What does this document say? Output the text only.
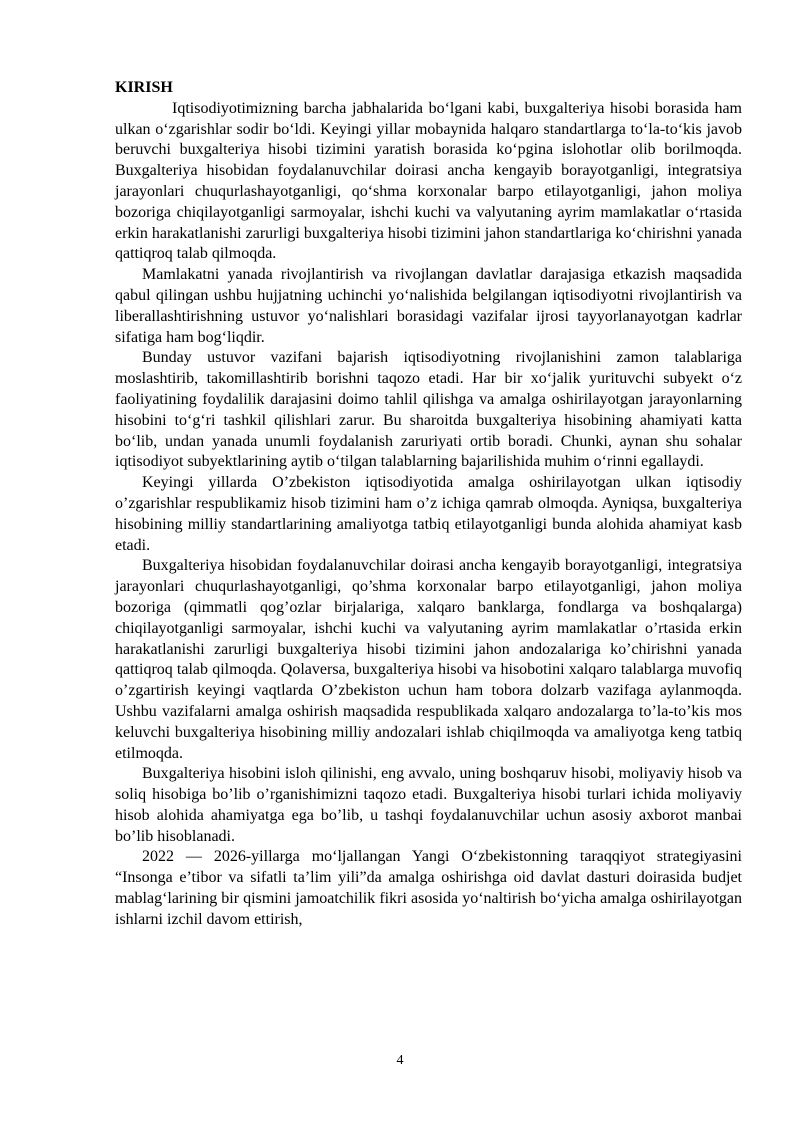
KIRISH

Iqtisodiyotimizning barcha jabhalarida bo‘lgani kabi, buxgalteriya hisobi borasida ham ulkan o‘zgarishlar sodir bo‘ldi. Keyingi yillar mobaynida halqaro standartlarga to‘la-to‘kis javob beruvchi buxgalteriya hisobi tizimini yaratish borasida ko‘pgina islohotlar olib borilmoqda. Buxgalteriya hisobidan foydalanuvchilar doirasi ancha kengayib borayotganligi, integratsiya jarayonlari chuqurlashayotganligi, qo‘shma korxonalar barpo etilayotganligi, jahon moliya bozoriga chiqilayotganligi sarmoyalar, ishchi kuchi va valyutaning ayrim mamlakatlar o‘rtasida erkin harakatlanishi zarurligi buxgalteriya hisobi tizimini jahon standartlariga ko‘chirishni yanada qattiqroq talab qilmoqda.

Mamlakatni yanada rivojlantirish va rivojlangan davlatlar darajasiga etkazish maqsadida qabul qilingan ushbu hujjatning uchinchi yo‘nalishida belgilangan iqtisodiyotni rivojlantirish va liberallashtirishning ustuvor yo‘nalishlari borasidagi vazifalar ijrosi tayyorlanayotgan kadrlar sifatiga ham bog‘liqdir.

Bunday ustuvor vazifani bajarish iqtisodiyotning rivojlanishini zamon talablariga moslashtirib, takomillashtirib borishni taqozo etadi. Har bir xo‘jalik yurituvchi subyekt o‘z faoliyatining foydalilik darajasini doimo tahlil qilishga va amalga oshirilayotgan jarayonlarning hisobini to‘g‘ri tashkil qilishlari zarur. Bu sharoitda buxgalteriya hisobining ahamiyati katta bo‘lib, undan yanada unumli foydalanish zaruriyati ortib boradi. Chunki, aynan shu sohalar iqtisodiyot subyektlarining aytib o‘tilgan talablarning bajarilishida muhim o‘rinni egallaydi.

Keyingi yillarda O’zbekiston iqtisodiyotida amalga oshirilayotgan ulkan iqtisodiy o’zgarishlar respublikamiz hisob tizimini ham o’z ichiga qamrab olmoqda. Ayniqsa, buxgalteriya hisobining milliy standartlarining amaliyotga tatbiq etilayotganligi bunda alohida ahamiyat kasb etadi.

Buxgalteriya hisobidan foydalanuvchilar doirasi ancha kengayib borayotganligi, integratsiya jarayonlari chuqurlashayotganligi, qo’shma korxonalar barpo etilayotganligi, jahon moliya bozoriga (qimmatli qog’ozlar birjalariga, xalqaro banklarga, fondlarga va boshqalarga) chiqilayotganligi sarmoyalar, ishchi kuchi va valyutaning ayrim mamlakatlar o’rtasida erkin harakatlanishi zarurligi buxgalteriya hisobi tizimini jahon andozalariga ko’chirishni yanada qattiqroq talab qilmoqda. Qolaversa, buxgalteriya hisobi va hisobotini xalqaro talablarga muvofiq o’zgartirish keyingi vaqtlarda O’zbekiston uchun ham tobora dolzarb vazifaga aylanmoqda. Ushbu vazifalarni amalga oshirish maqsadida respublikada xalqaro andozalarga to’la-to’kis mos keluvchi buxgalteriya hisobining milliy andozalari ishlab chiqilmoqda va amaliyotga keng tatbiq etilmoqda.

Buxgalteriya hisobini isloh qilinishi, eng avvalo, uning boshqaruv hisobi, moliyaviy hisob va soliq hisobiga bo’lib o’rganishimizni taqozo etadi. Buxgalteriya hisobi turlari ichida moliyaviy hisob alohida ahamiyatga ega bo’lib, u tashqi foydalanuvchilar uchun asosiy axborot manbai bo’lib hisoblanadi.

2022 — 2026-yillarga mo‘ljallangan Yangi O‘zbekistonning taraqqiyot strategiyasini “Insonga e’tibor va sifatli ta’lim yili”da amalga oshirishga oid davlat dasturi doirasida budjet mablag‘larining bir qismini jamoatchilik fikri asosida yo‘naltirish bo‘yicha amalga oshirilayotgan ishlarni izchil davom ettirish,

4
